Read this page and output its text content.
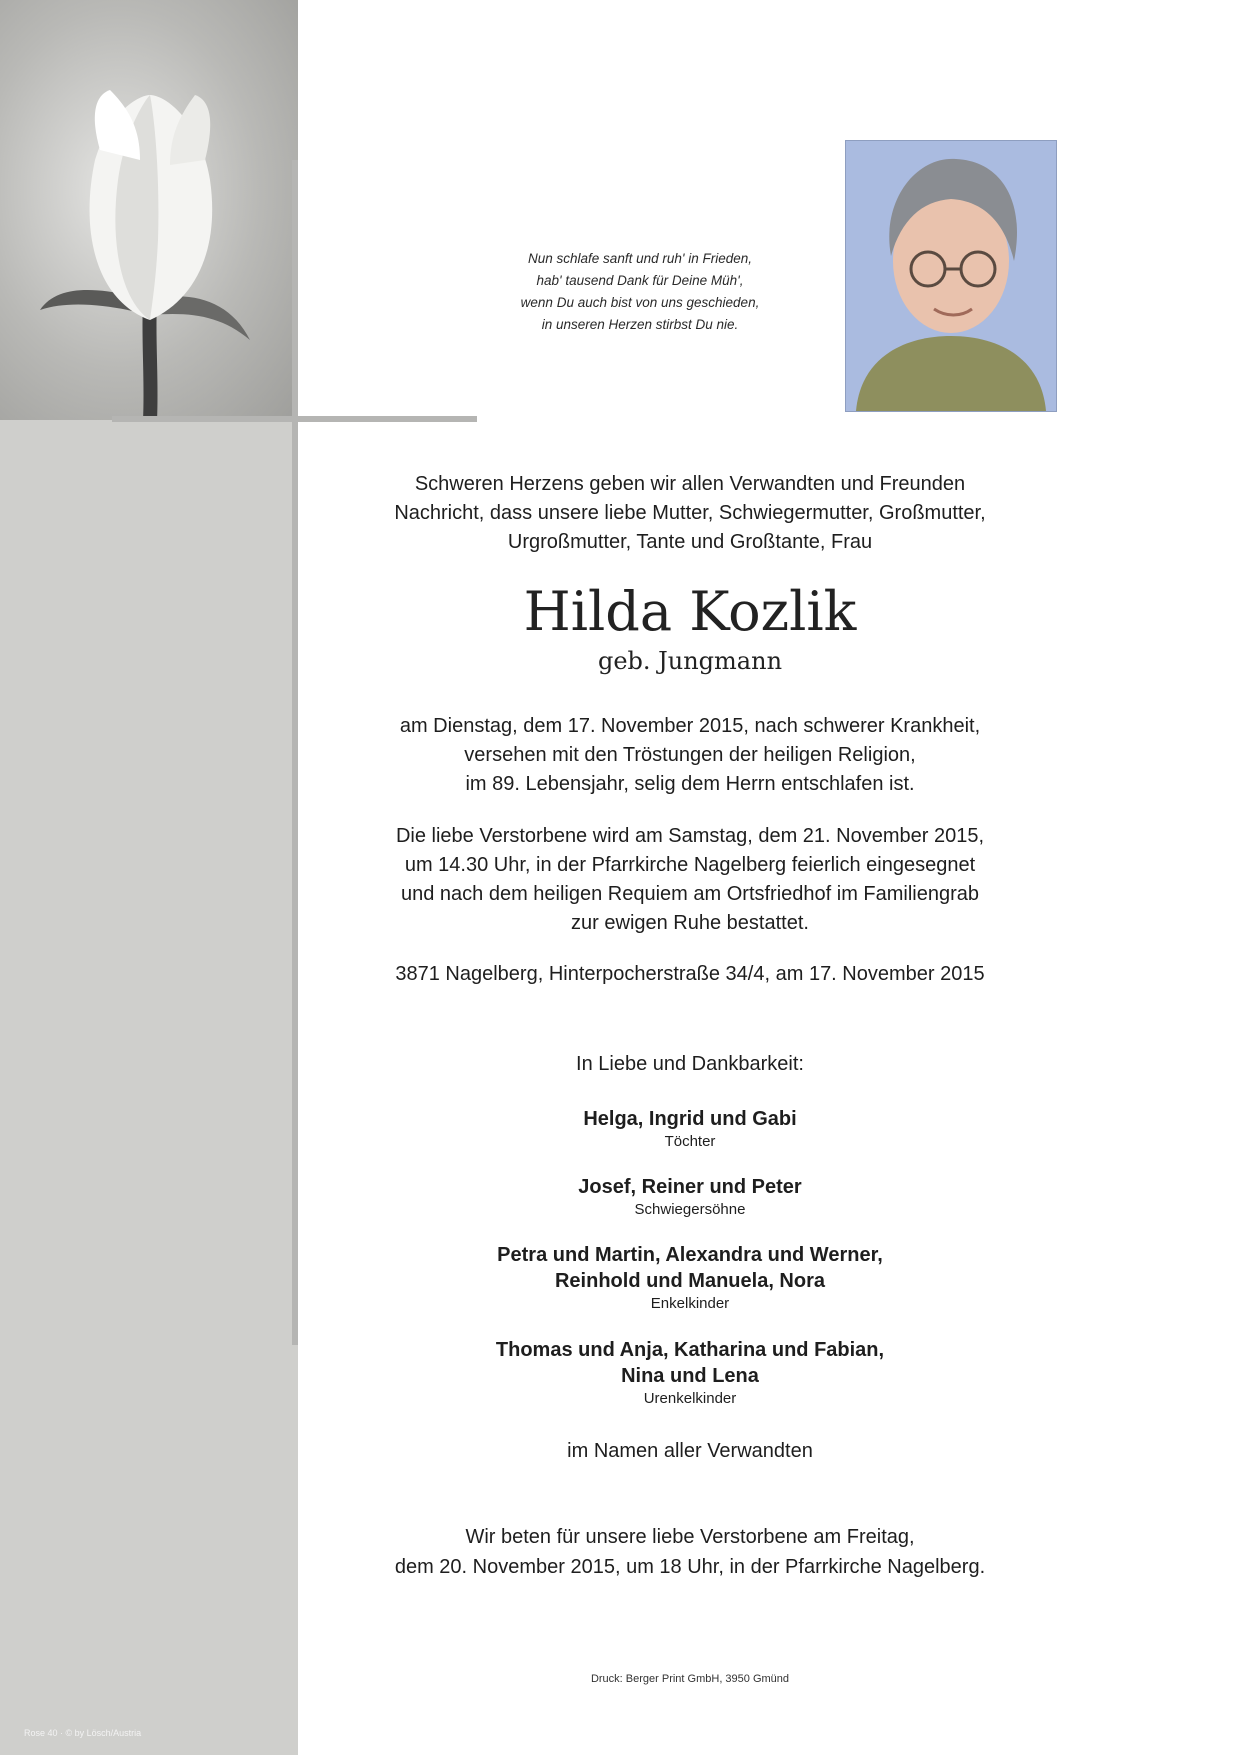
Rose 40 · © by Lösch/Austria
Nun schlafe sanft und ruh' in Frieden,
hab' tausend Dank für Deine Müh',
wenn Du auch bist von uns geschieden,
in unseren Herzen stirbst Du nie.
Schweren Herzens geben wir allen Verwandten und Freunden
Nachricht, dass unsere liebe Mutter, Schwiegermutter, Großmutter,
Urgroßmutter, Tante und Großtante, Frau
Hilda Kozlik
geb. Jungmann
am Dienstag, dem 17. November 2015, nach schwerer Krankheit,
versehen mit den Tröstungen der heiligen Religion,
im 89. Lebensjahr, selig dem Herrn entschlafen ist.
Die liebe Verstorbene wird am Samstag, dem 21. November 2015,
um 14.30 Uhr, in der Pfarrkirche Nagelberg feierlich eingesegnet
und nach dem heiligen Requiem am Ortsfriedhof im Familiengrab
zur ewigen Ruhe bestattet.
3871 Nagelberg, Hinterpocherstraße 34/4, am 17. November 2015
In Liebe und Dankbarkeit:
Helga, Ingrid und Gabi
Töchter
Josef, Reiner und Peter
Schwiegersöhne
Petra und Martin, Alexandra und Werner,
Reinhold und Manuela, Nora
Enkelkinder
Thomas und Anja, Katharina und Fabian,
Nina und Lena
Urenkelkinder
im Namen aller Verwandten
Wir beten für unsere liebe Verstorbene am Freitag,
dem 20. November 2015, um 18 Uhr, in der Pfarrkirche Nagelberg.
Druck: Berger Print GmbH, 3950 Gmünd
